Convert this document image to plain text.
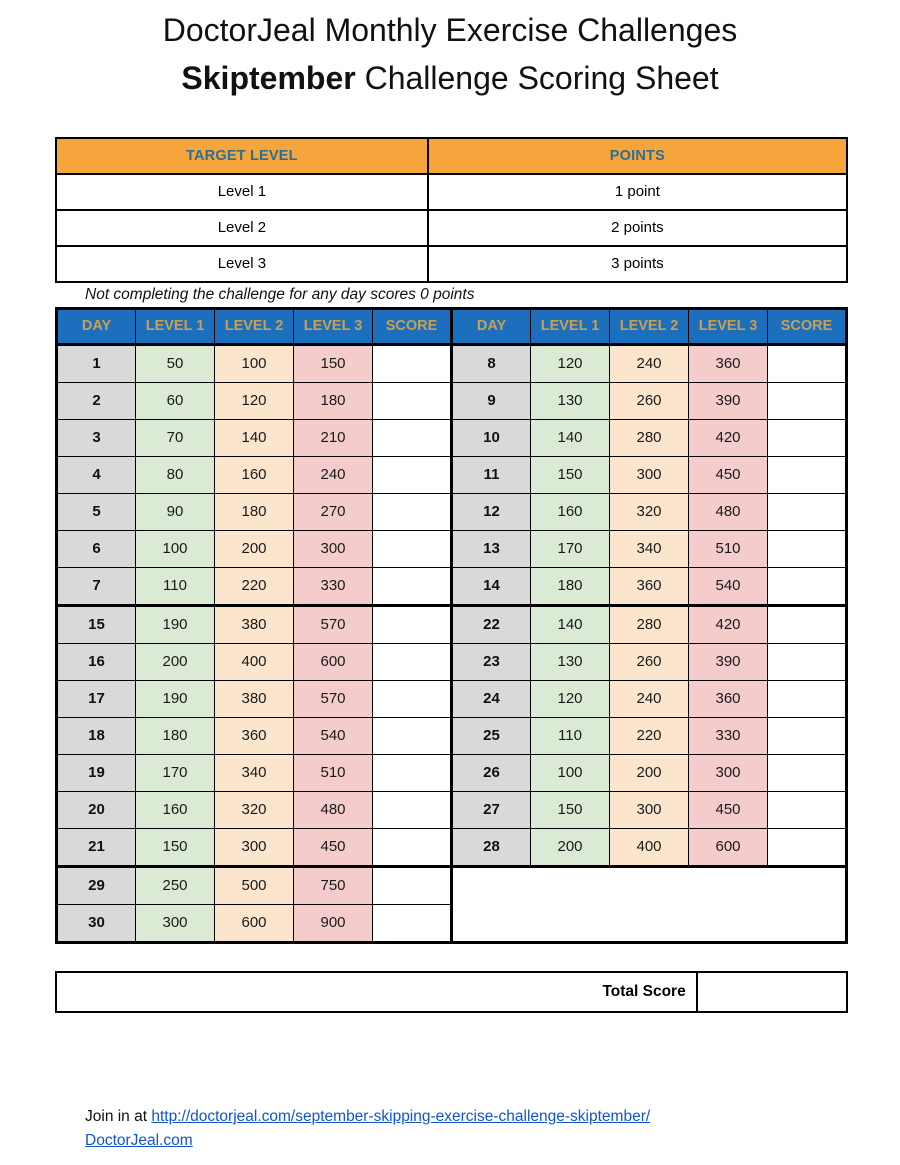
DoctorJeal Monthly Exercise Challenges
Skiptember Challenge Scoring Sheet
TARGET LEVEL	POINTS
Level 1	1 point
Level 2	2 points
Level 3	3 points
Not completing the challenge for any day scores 0 points
DAY	LEVEL 1	LEVEL 2	LEVEL 3	SCORE	DAY	LEVEL 1	LEVEL 2	LEVEL 3	SCORE
1	50	100	150		8	120	240	360	
2	60	120	180		9	130	260	390	
3	70	140	210		10	140	280	420	
4	80	160	240		11	150	300	450	
5	90	180	270		12	160	320	480	
6	100	200	300		13	170	340	510	
7	110	220	330		14	180	360	540	
15	190	380	570		22	140	280	420	
16	200	400	600		23	130	260	390	
17	190	380	570		24	120	240	360	
18	180	360	540		25	110	220	330	
19	170	340	510		26	100	200	300	
20	160	320	480		27	150	300	450	
21	150	300	450		28	200	400	600	
29	250	500	750						
30	300	600	900						
Total Score	
Join in at http://doctorjeal.com/september-skipping-exercise-challenge-skiptember/
DoctorJeal.com
